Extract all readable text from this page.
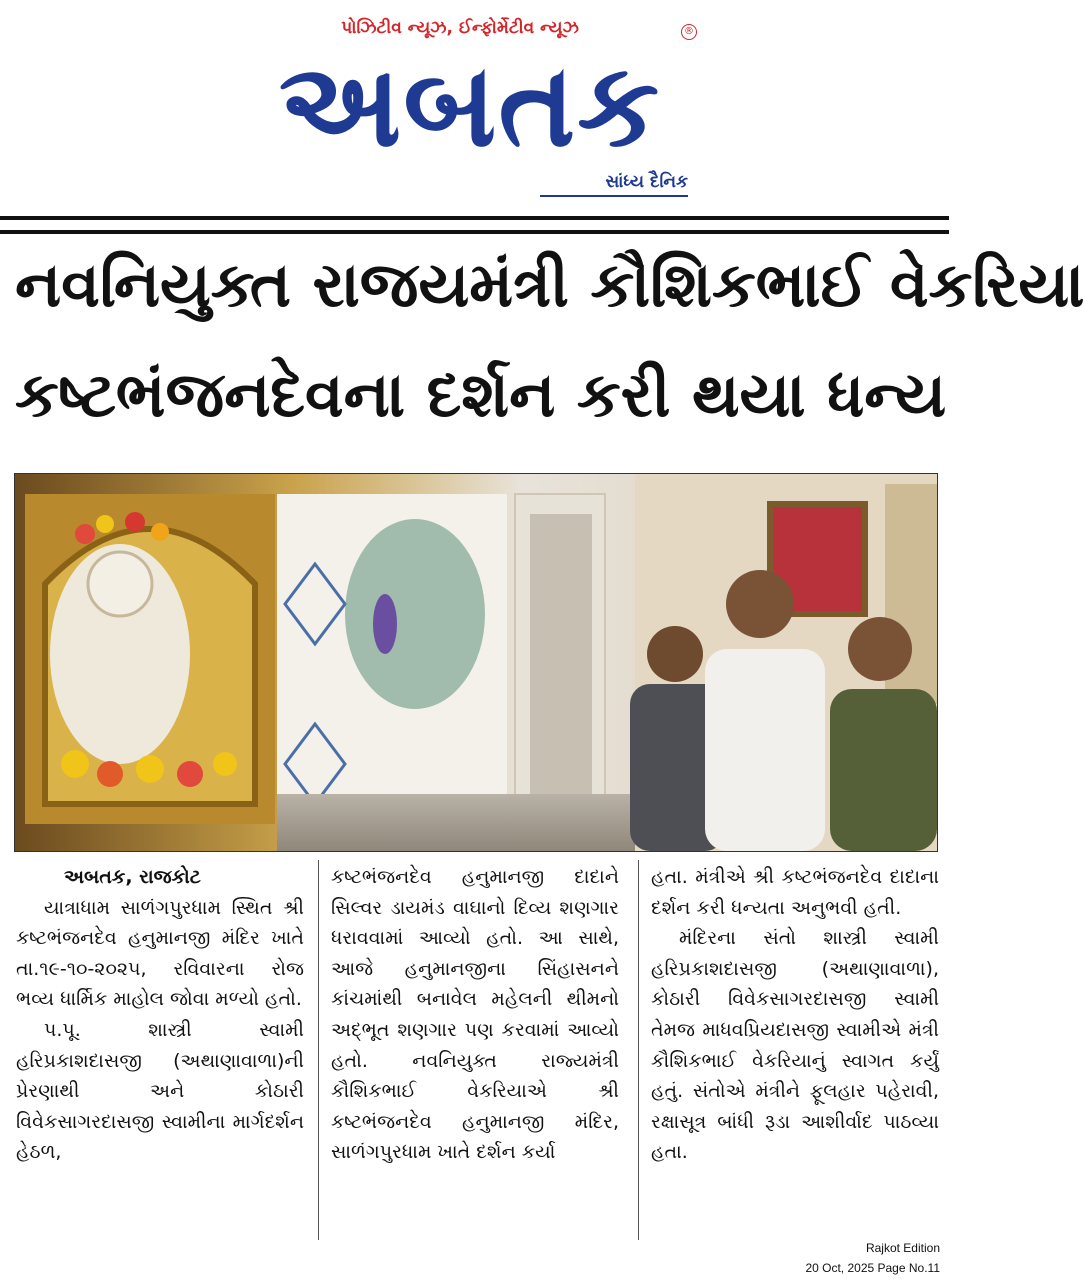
પોઝિટીવ ન્યૂઝ, ઈન્ફોર્મેટીવ ન્યૂઝ	®
અબતક
સાંધ્ય દૈનિક
નવનિયુક્ત રાજયમંત્રી કૌશિકભાઈ વેકરિયા
કષ્ટભંજનદેવના દર્શન કરી થયા ધન્ય
અબતક, રાજકોટ
યાત્રાધામ સાળંગપુરધામ સ્થિત શ્રી કષ્ટભંજનદેવ હનુમાનજી મંદિર ખાતે તા.૧૯-૧૦-૨૦૨૫, રવિવારના રોજ ભવ્ય ધાર્મિક માહોલ જોવા મળ્યો હતો.
પ.પૂ. શાસ્ત્રી સ્વામી હરિપ્રકાશદાસજી (અથાણાવાળા)ની પ્રેરણાથી અને કોઠારી વિવેકસાગરદાસજી સ્વામીના માર્ગદર્શન હેઠળ,
કષ્ટભંજનદેવ હનુમાનજી દાદાને સિલ્વર ડાયમંડ વાઘાનો દિવ્ય શણગાર ધરાવવામાં આવ્યો હતો. આ સાથે, આજે હનુમાનજીના સિંહાસનને કાંચમાંથી બનાવેલ મહેલની થીમનો અદ્ભૂત શણગાર પણ કરવામાં આવ્યો હતો. નવનિયુક્ત રાજ્યમંત્રી કૌશિકભાઈ વેકરિયાએ શ્રી કષ્ટભંજનદેવ હનુમાનજી મંદિર, સાળંગપુરધામ ખાતે દર્શન કર્યા
હતા. મંત્રીએ શ્રી કષ્ટભંજનદેવ દાદાના દર્શન કરી ધન્યતા અનુભવી હતી.
મંદિરના સંતો શાસ્ત્રી સ્વામી હરિપ્રકાશદાસજી (અથાણાવાળા), કોઠારી વિવેકસાગરદાસજી સ્વામી તેમજ માધવપ્રિયદાસજી સ્વામીએ મંત્રી કૌશિકભાઈ વેકરિયાનું સ્વાગત કર્યું હતું. સંતોએ મંત્રીને ફૂલહાર પહેરાવી, રક્ષાસૂત્ર બાંધી રૂડા આશીર્વાદ પાઠવ્યા હતા.
Rajkot Edition
20 Oct, 2025 Page No.11
